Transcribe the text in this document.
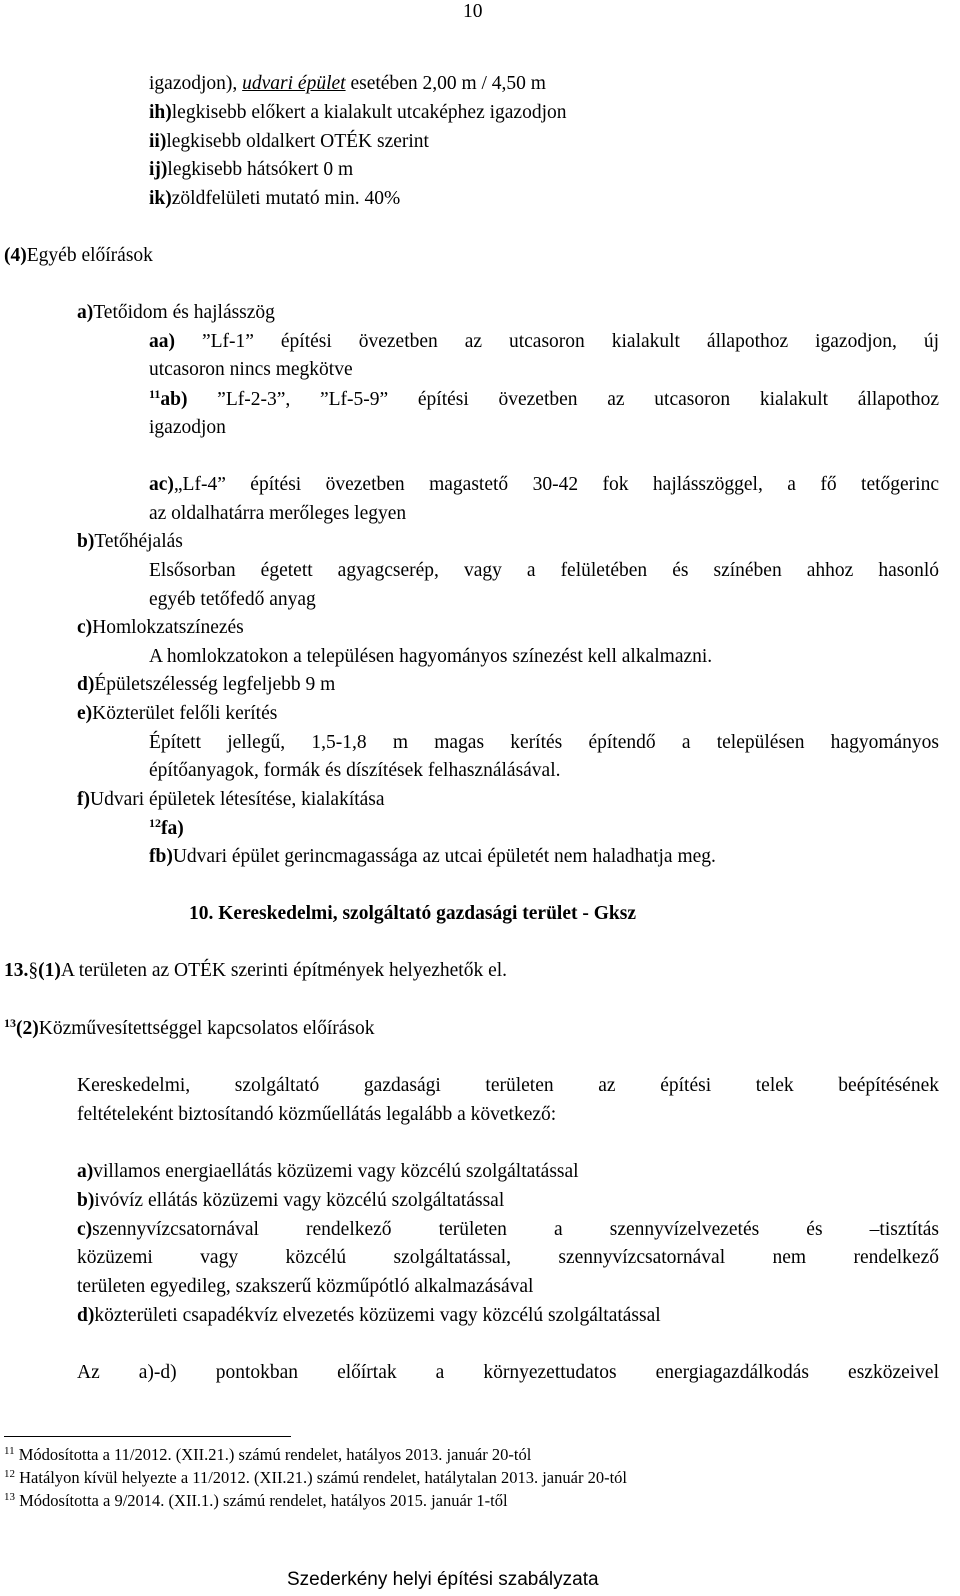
10
igazodjon), udvari épület esetében 2,00 m / 4,50 m
ih)legkisebb előkert a kialakult utcaképhez igazodjon
ii)legkisebb oldalkert OTÉK szerint
ij)legkisebb hátsókert 0 m
ik)zöldfelületi mutató min. 40%
(4)Egyéb előírások
a)Tetőidom és hajlásszög
aa) ”Lf-1” építési övezetben az utcasoron kialakult állapothoz igazodjon, új
utcasoron nincs megkötve
$^{11}$ab) ”Lf-2-3”, ”Lf-5-9” építési övezetben az utcasoron kialakult állapothoz
igazodjon
ac)„Lf-4” építési övezetben magastető 30-42 fok hajlásszöggel, a fő tetőgerinc
az oldalhatárra merőleges legyen
b)Tetőhéjalás
Elsősorban égetett agyagcserép, vagy a felületében és színében ahhoz hasonló
egyéb tetőfedő anyag
c)Homlokzatszínezés
A homlokzatokon a településen hagyományos színezést kell alkalmazni.
d)Épületszélesség legfeljebb 9 m
e)Közterület felőli kerítés
Épített jellegű, 1,5-1,8 m magas kerítés építendő a településen hagyományos
építőanyagok, formák és díszítések felhasználásával.
f)Udvari épületek létesítése, kialakítása
$^{12}$fa)
fb)Udvari épület gerincmagassága az utcai épületét nem haladhatja meg.
10. Kereskedelmi, szolgáltató gazdasági terület - Gksz
13.§(1)A területen az OTÉK szerinti építmények helyezhetők el.
$^{13}$(2)Közművesítettséggel kapcsolatos előírások
Kereskedelmi, szolgáltató gazdasági területen az építési telek beépítésének
feltételeként biztosítandó közműellátás legalább a következő:
a)villamos energiaellátás közüzemi vagy közcélú szolgáltatással
b)ivóvíz ellátás közüzemi vagy közcélú szolgáltatással
c)szennyvízcsatornával rendelkező területen a szennyvízelvezetés és –tisztítás
közüzemi vagy közcélú szolgáltatással, szennyvízcsatornával nem rendelkező
területen egyedileg, szakszerű közműpótló alkalmazásával
d)közterületi csapadékvíz elvezetés közüzemi vagy közcélú szolgáltatással
Az a)-d) pontokban előírtak a környezettudatos energiagazdálkodás eszközeivel
$^{11}$ Módosította a 11/2012. (XII.21.) számú rendelet, hatályos 2013. január 20-tól
$^{12}$ Hatályon kívül helyezte a 11/2012. (XII.21.) számú rendelet, hatálytalan 2013. január 20-tól
$^{13}$ Módosította a 9/2014. (XII.1.) számú rendelet, hatályos 2015. január 1-től
Szederkény helyi építési szabályzata
